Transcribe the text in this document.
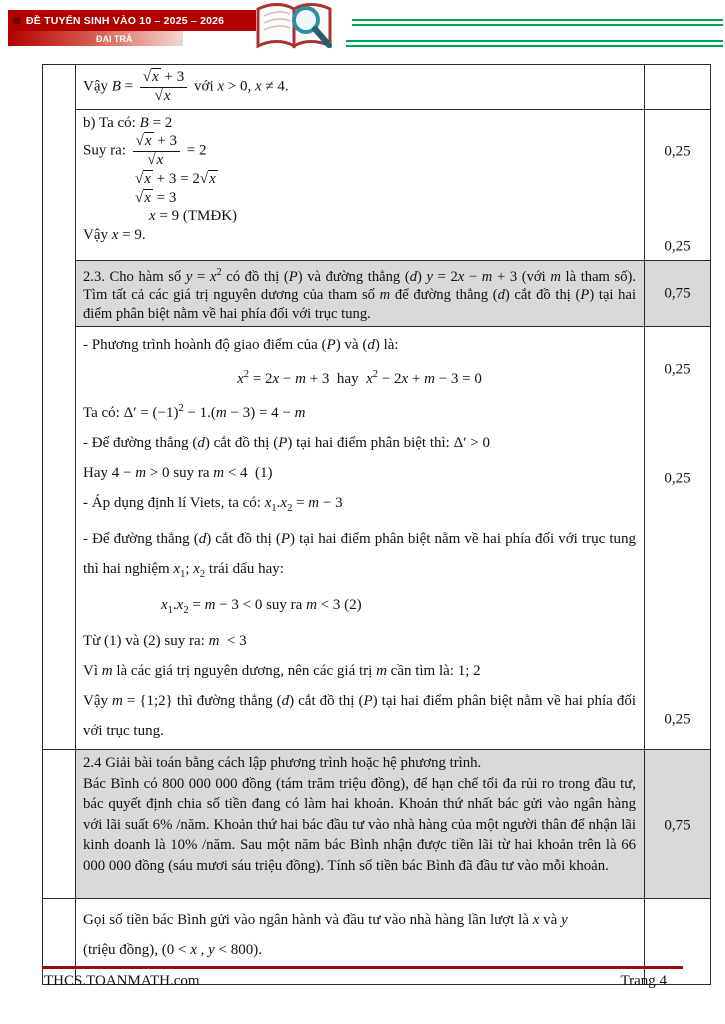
ĐỀ TUYỂN SINH VÀO 10 – 2025 – 2026
ĐẠI TRÀ
Vậy $B = \frac{√x + 3}{√x}$ với x > 0, x ≠ 4.
b) Ta có: B = 2
Suy ra: $\frac{√x + 3}{√x} = 2$
√x + 3 = 2√x
√x = 3
x = 9 (TMĐK)
Vậy x = 9.
0,25
0,25
2.3. Cho hàm số $y = x^2$ có đồ thị (P) và đường thẳng (d) y = 2x − m + 3 (với m là tham số). Tìm tất cả các giá trị nguyên dương của tham số m để đường thẳng (d) cắt đồ thị (P) tại hai điểm phân biệt nằm về hai phía đối với trục tung.
0,75
- Phương trình hoành độ giao điểm của (P) và (d) là:
$x^2 = 2x - m + 3$  hay  $x^2 - 2x + m - 3 = 0$
Ta có: $\Delta' = (-1)^2 - 1.(m - 3) = 4 - m$
- Để đường thẳng (d) cắt đồ thị (P) tại hai điểm phân biệt thì: Δ′ > 0
Hay 4 − m > 0 suy ra m < 4  (1)
- Áp dụng định lí Viets, ta có: $x_1.x_2 = m - 3$
- Để đường thẳng (d) cắt đồ thị (P) tại hai điểm phân biệt nằm về hai phía đối với trục tung thì hai nghiệm $x_1$; $x_2$ trái dấu hay:
$x_1.x_2 = m - 3 < 0$ suy ra m < 3 (2)
Từ (1) và (2) suy ra: m  < 3
Vì m là các giá trị nguyên dương, nên các giá trị m cần tìm là: 1; 2
Vậy m = {1;2} thì đường thẳng (d) cắt đồ thị (P) tại hai điểm phân biệt nằm về hai phía đối với trục tung.
0,25
0,25
0,25
2.4 Giải bài toán bằng cách lập phương trình hoặc hệ phương trình.
Bác Bình có 800 000 000 đồng (tám trăm triệu đồng), để hạn chế tối đa rủi ro trong đầu tư, bác quyết định chia số tiền đang có làm hai khoản. Khoản thứ nhất bác gửi vào ngân hàng với lãi suất 6% /năm. Khoản thứ hai bác đầu tư vào nhà hàng của một người thân để nhận lãi kinh doanh là 10% /năm. Sau một năm bác Bình nhận được tiền lãi từ hai khoản trên là 66 000 000 đồng (sáu mươi sáu triệu đồng). Tính số tiền bác Bình đã đầu tư vào mỗi khoản.
0,75
Gọi số tiền bác Bình gửi vào ngân hành và đầu tư vào nhà hàng lần lượt là x và y
(triệu đồng), (0 < x , y < 800).
THCS.TOANMATH.com	Trang 4
